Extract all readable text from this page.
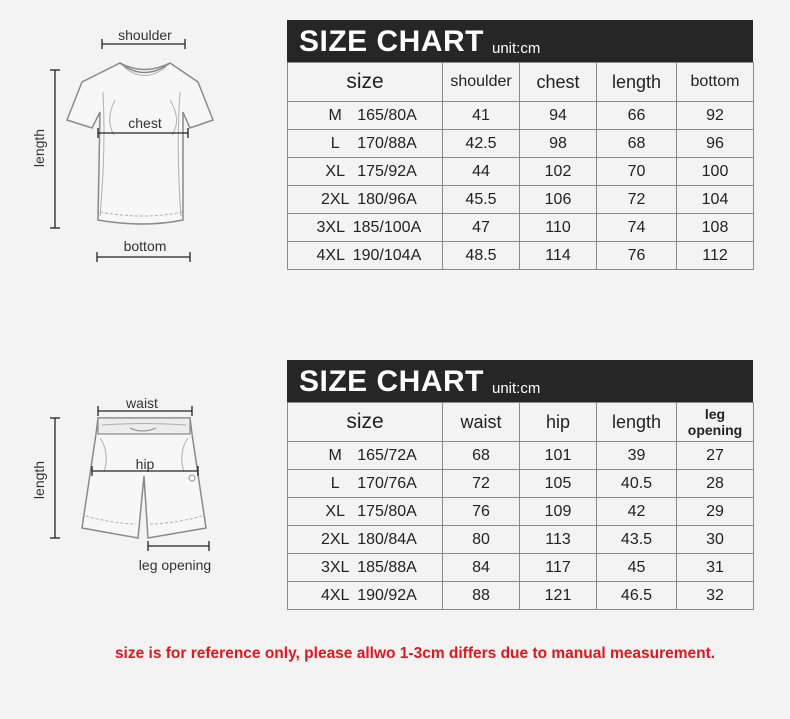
shoulder
chest
length
bottom
SIZE CHART unit:cm
size	shoulder	chest	length	bottom
M 165/80A	41	94	66	92
L 170/88A	42.5	98	68	96
XL 175/92A	44	102	70	100
2XL 180/96A	45.5	106	72	104
3XL 185/100A	47	110	74	108
4XL 190/104A	48.5	114	76	112
waist
hip
length
leg opening
SIZE CHART unit:cm
size	waist	hip	length	leg opening
M 165/72A	68	101	39	27
L 170/76A	72	105	40.5	28
XL 175/80A	76	109	42	29
2XL 180/84A	80	113	43.5	30
3XL 185/88A	84	117	45	31
4XL 190/92A	88	121	46.5	32
size is for reference only, please allwo 1-3cm differs due to manual measurement.
